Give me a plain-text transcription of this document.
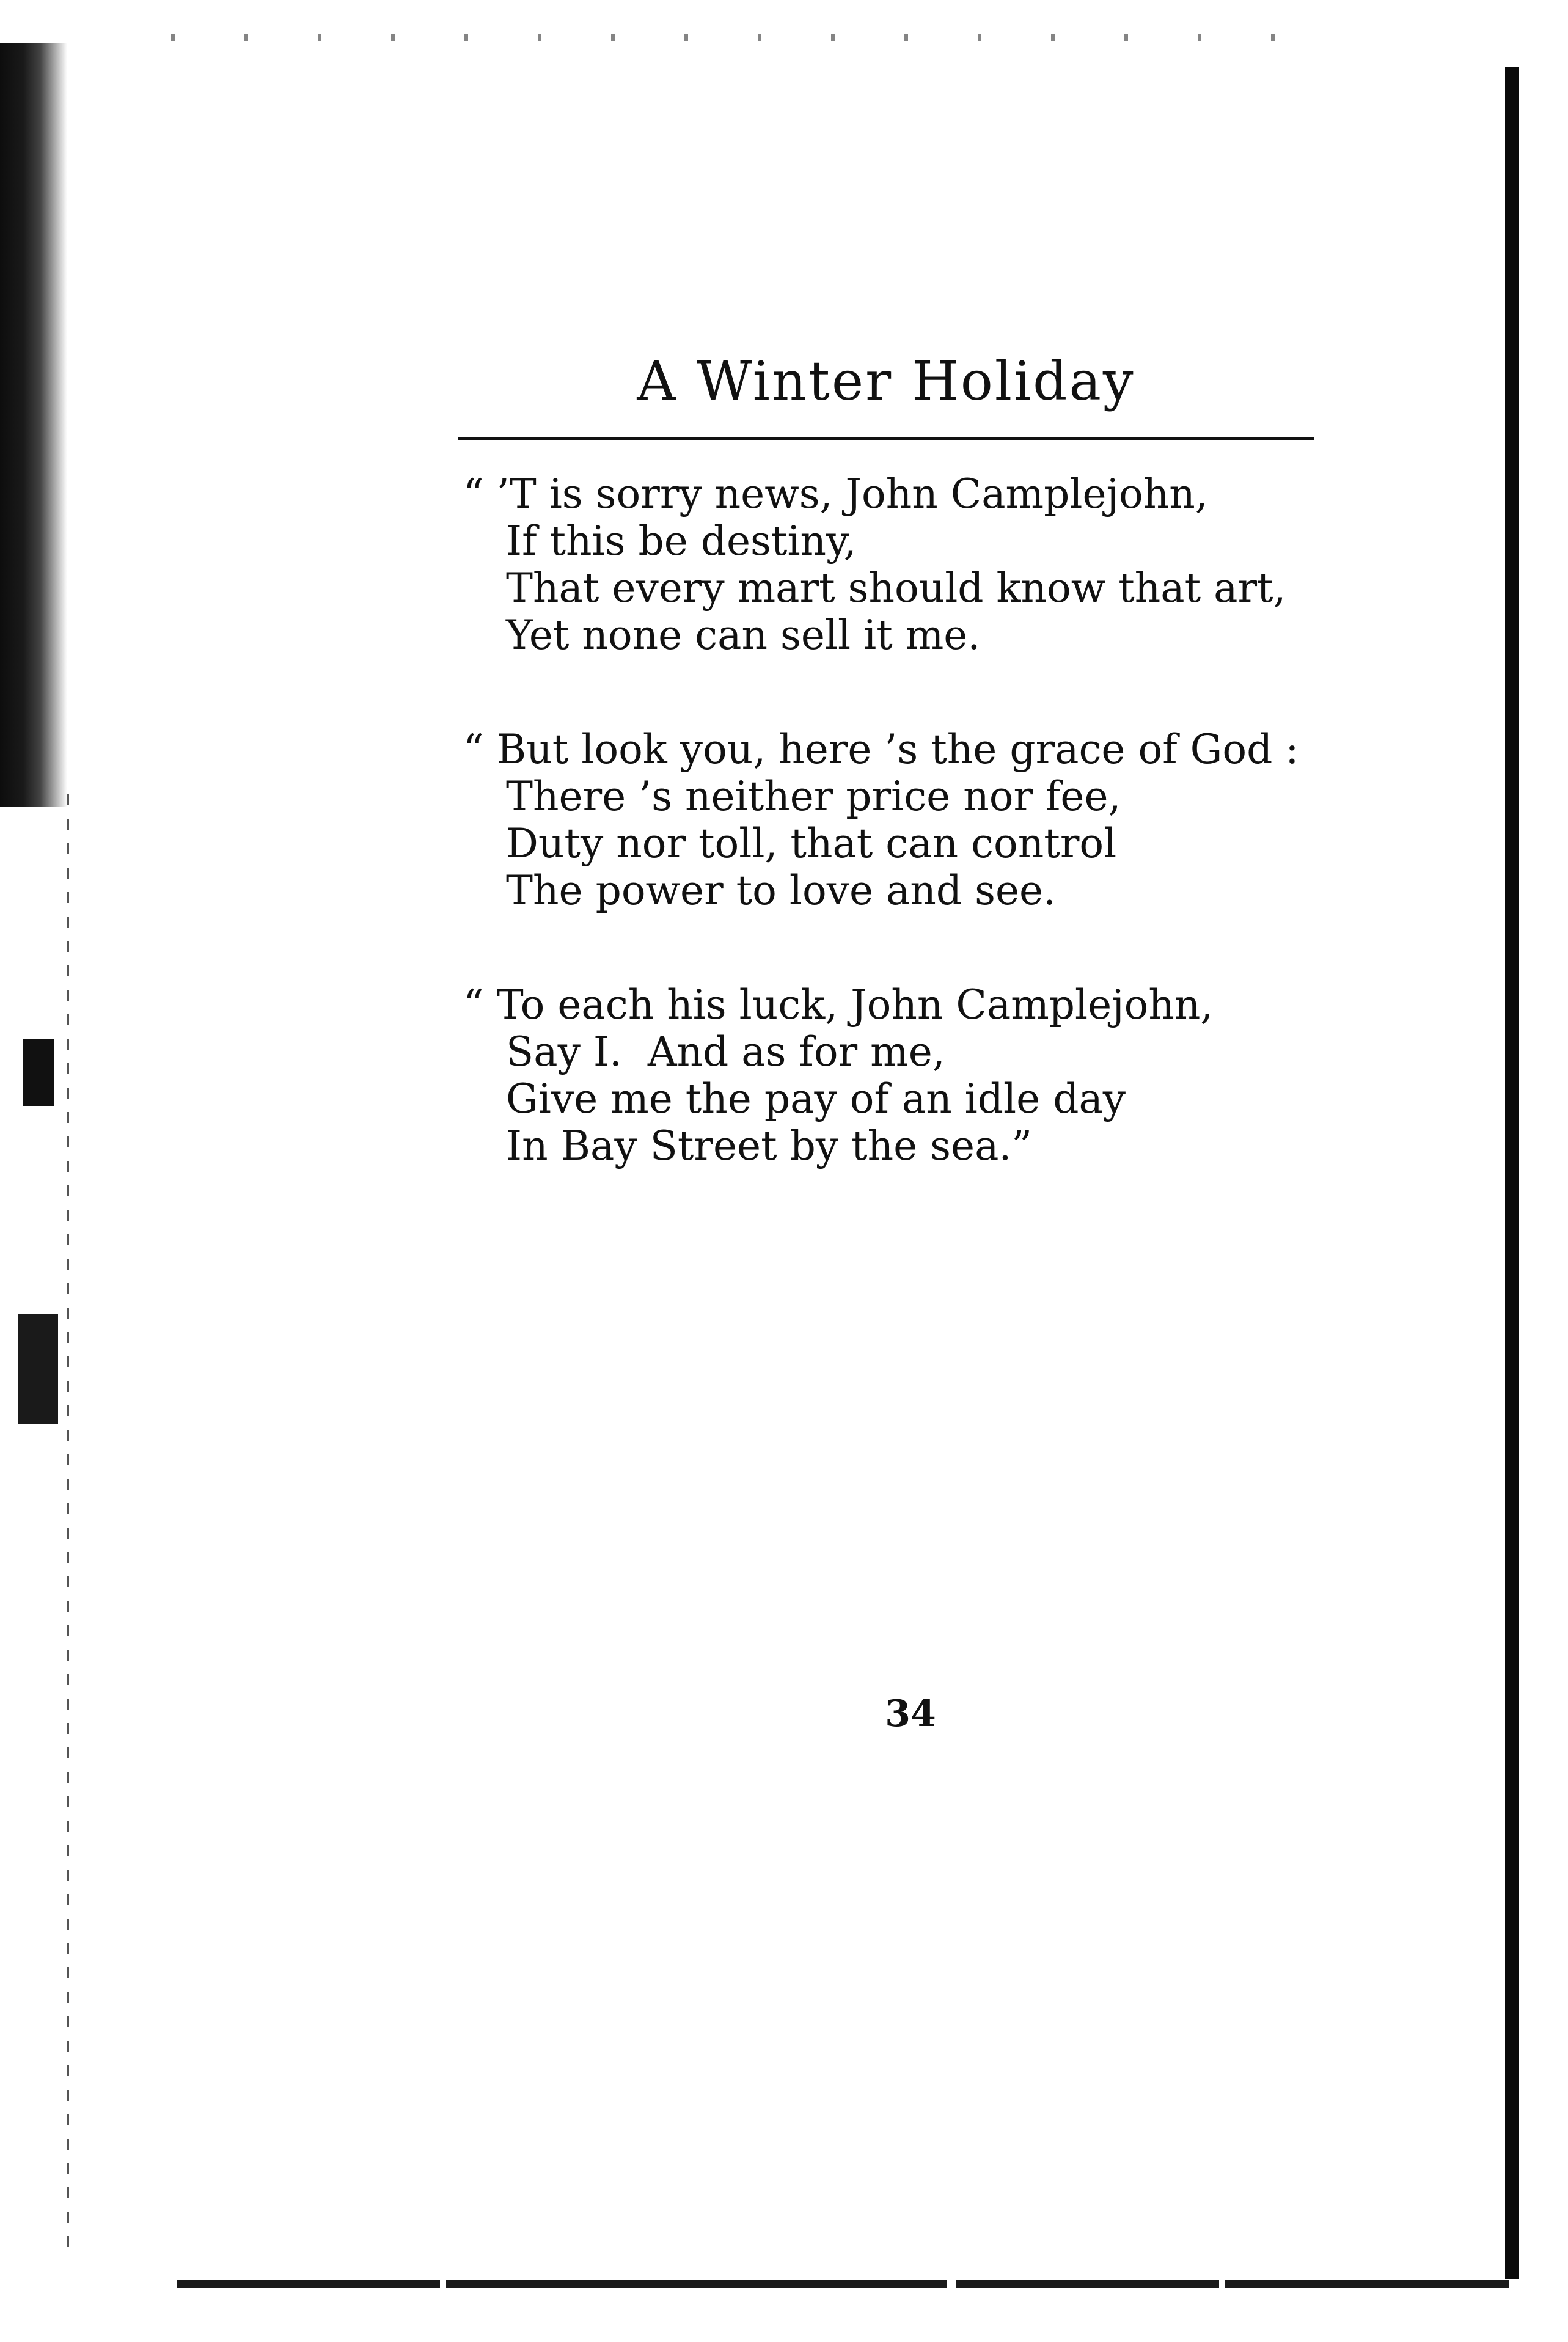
A Winter Holiday
“ ’T is sorry news, John Camplejohn,
If this be destiny,
That every mart should know that art,
Yet none can sell it me.
“ But look you, here ’s the grace of God :
There ’s neither price nor fee,
Duty nor toll, that can control
The power to love and see.
“ To each his luck, John Camplejohn,
Say I.  And as for me,
Give me the pay of an idle day
In Bay Street by the sea.”
34
